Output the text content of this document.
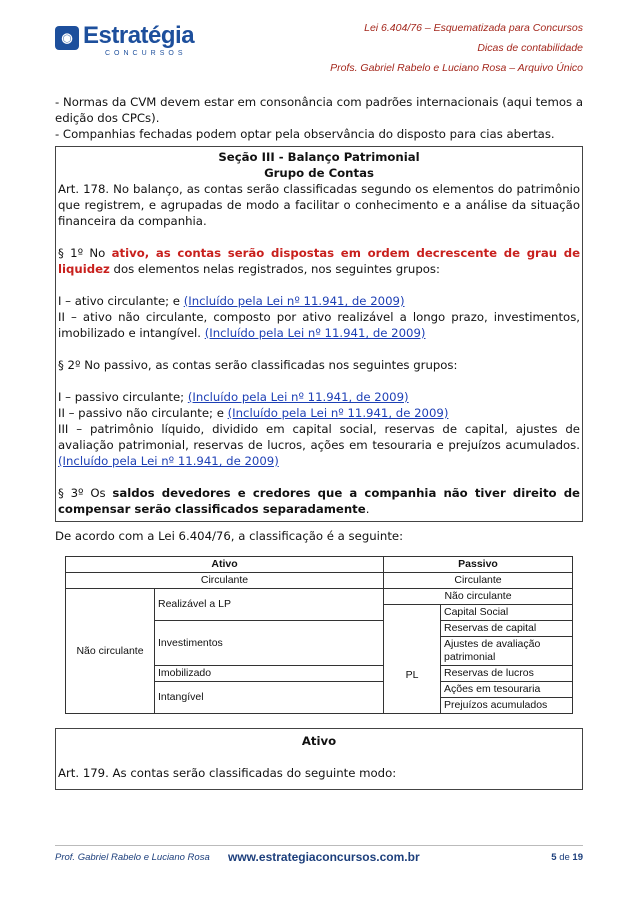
◉ Estratégia
CONCURSOS
Lei 6.404/76 – Esquematizada para Concursos
Dicas de contabilidade
Profs. Gabriel Rabelo e Luciano Rosa – Arquivo Único
- Normas da CVM devem estar em consonância com padrões internacionais (aqui temos a edição dos CPCs).
- Companhias fechadas podem optar pela observância do disposto para cias abertas.
Seção III - Balanço Patrimonial
Grupo de Contas
Art. 178. No balanço, as contas serão classificadas segundo os elementos do patrimônio que registrem, e agrupadas de modo a facilitar o conhecimento e a análise da situação financeira da companhia.
§ 1º No ativo, as contas serão dispostas em ordem decrescente de grau de liquidez dos elementos nelas registrados, nos seguintes grupos:
I – ativo circulante; e (Incluído pela Lei nº 11.941, de 2009)
II – ativo não circulante, composto por ativo realizável a longo prazo, investimentos, imobilizado e intangível. (Incluído pela Lei nº 11.941, de 2009)
§ 2º No passivo, as contas serão classificadas nos seguintes grupos:
I – passivo circulante; (Incluído pela Lei nº 11.941, de 2009)
II – passivo não circulante; e (Incluído pela Lei nº 11.941, de 2009)
III – patrimônio líquido, dividido em capital social, reservas de capital, ajustes de avaliação patrimonial, reservas de lucros, ações em tesouraria e prejuízos acumulados. (Incluído pela Lei nº 11.941, de 2009)
§ 3º Os saldos devedores e credores que a companhia não tiver direito de compensar serão classificados separadamente.
De acordo com a Lei 6.404/76, a classificação é a seguinte:
Ativo		Passivo	
Circulante		Circulante	
Não circulante	Realizável a LP	Não circulante	
		PL	Capital Social
	Investimentos		Reservas de capital
			Ajustes de avaliação patrimonial
	Imobilizado		Reservas de lucros
	Intangível		Ações em tesouraria
			Prejuízos acumulados
Ativo
Art. 179. As contas serão classificadas do seguinte modo:
Prof. Gabriel Rabelo e Luciano Rosa www.estrategiaconcursos.com.br	5 de 19
